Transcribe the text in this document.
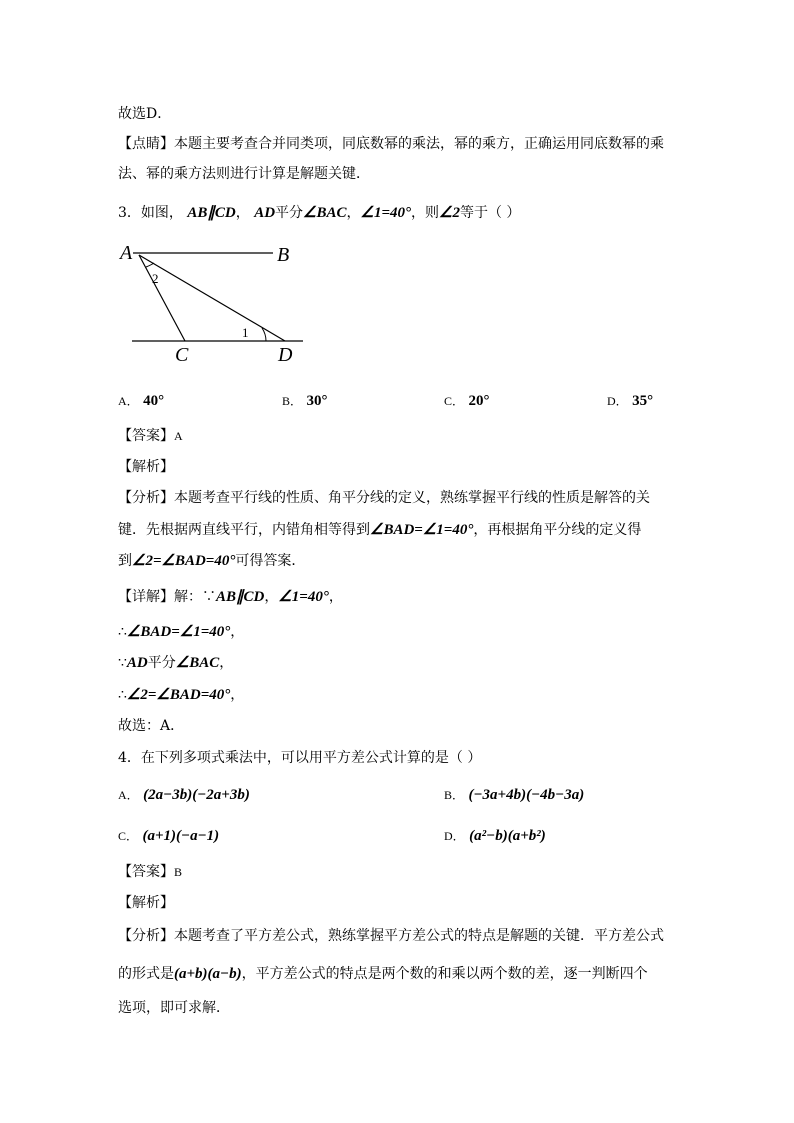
故选D．
【点睛】本题主要考查合并同类项，同底数幂的乘法，幂的乘方，正确运用同底数幂的乘
法、幂的乘方法则进行计算是解题关键．
3．如图， AB∥CD， AD平分∠BAC，∠1=40°，则∠2等于（ ）
A	B
C	D
2
1
A． 40°	B． 30°	C． 20°	D． 35°
【答案】A
【解析】
【分析】本题考查平行线的性质、角平分线的定义，熟练掌握平行线的性质是解答的关
键．先根据两直线平行，内错角相等得到∠BAD=∠1=40°，再根据角平分线的定义得
到∠2=∠BAD=40°可得答案．
【详解】解：∵AB∥CD，∠1=40°，
∴∠BAD=∠1=40°，
∵AD平分∠BAC，
∴∠2=∠BAD=40°，
故选：A．
4．在下列多项式乘法中，可以用平方差公式计算的是（ ）
A． (2a−3b)(−2a+3b)	B． (−3a+4b)(−4b−3a)
C． (a+1)(−a−1)	D． (a²−b)(a+b²)
【答案】B
【解析】
【分析】本题考查了平方差公式，熟练掌握平方差公式的特点是解题的关键．平方差公式
的形式是(a+b)(a−b)，平方差公式的特点是两个数的和乘以两个数的差，逐一判断四个
选项，即可求解．
